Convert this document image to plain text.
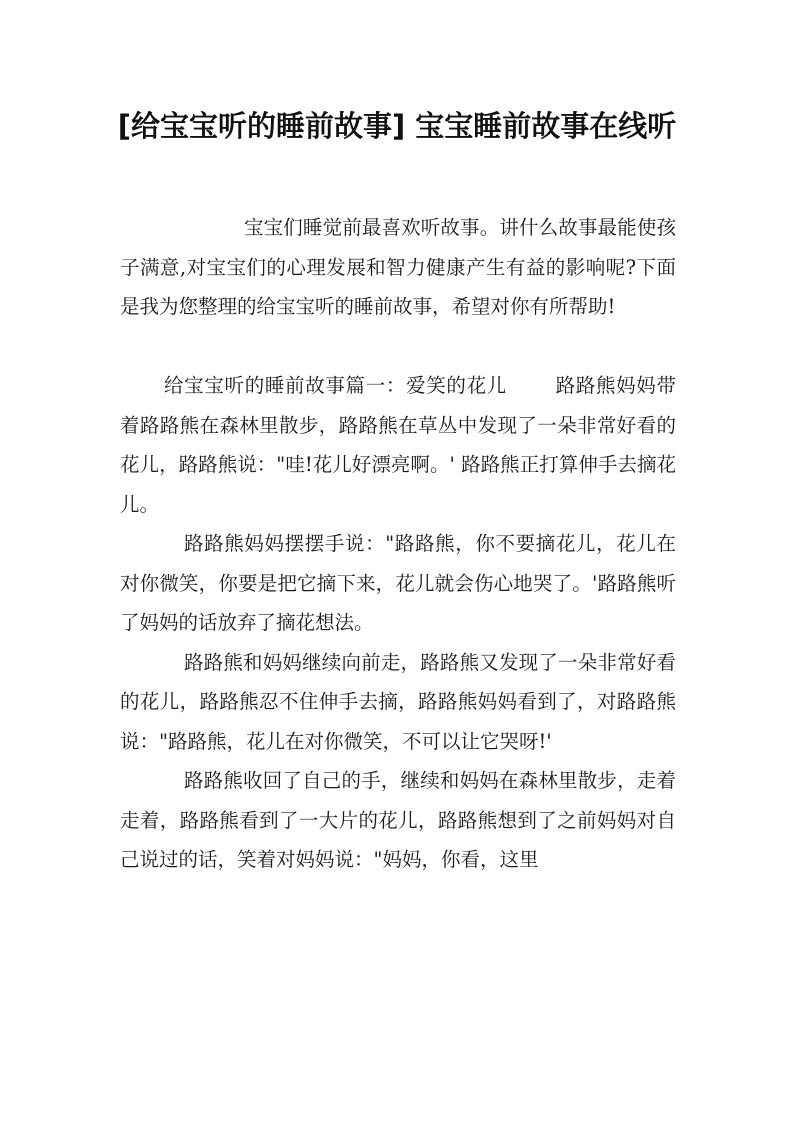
[给宝宝听的睡前故事] 宝宝睡前故事在线听

宝宝们睡觉前最喜欢听故事。讲什么故事最能使孩子满意,对宝宝们的心理发展和智力健康产生有益的影响呢?下面是我为您整理的给宝宝听的睡前故事，希望对你有所帮助!

给宝宝听的睡前故事篇一：爱笑的花儿 路路熊妈妈带着路路熊在森林里散步，路路熊在草丛中发现了一朵非常好看的花儿，路路熊说："哇!花儿好漂亮啊。' 路路熊正打算伸手去摘花儿。

路路熊妈妈摆摆手说："路路熊，你不要摘花儿，花儿在对你微笑，你要是把它摘下来，花儿就会伤心地哭了。'路路熊听了妈妈的话放弃了摘花想法。

路路熊和妈妈继续向前走，路路熊又发现了一朵非常好看的花儿，路路熊忍不住伸手去摘，路路熊妈妈看到了，对路路熊说："路路熊，花儿在对你微笑，不可以让它哭呀!'

路路熊收回了自己的手，继续和妈妈在森林里散步，走着走着，路路熊看到了一大片的花儿，路路熊想到了之前妈妈对自己说过的话，笑着对妈妈说："妈妈，你看，这里
